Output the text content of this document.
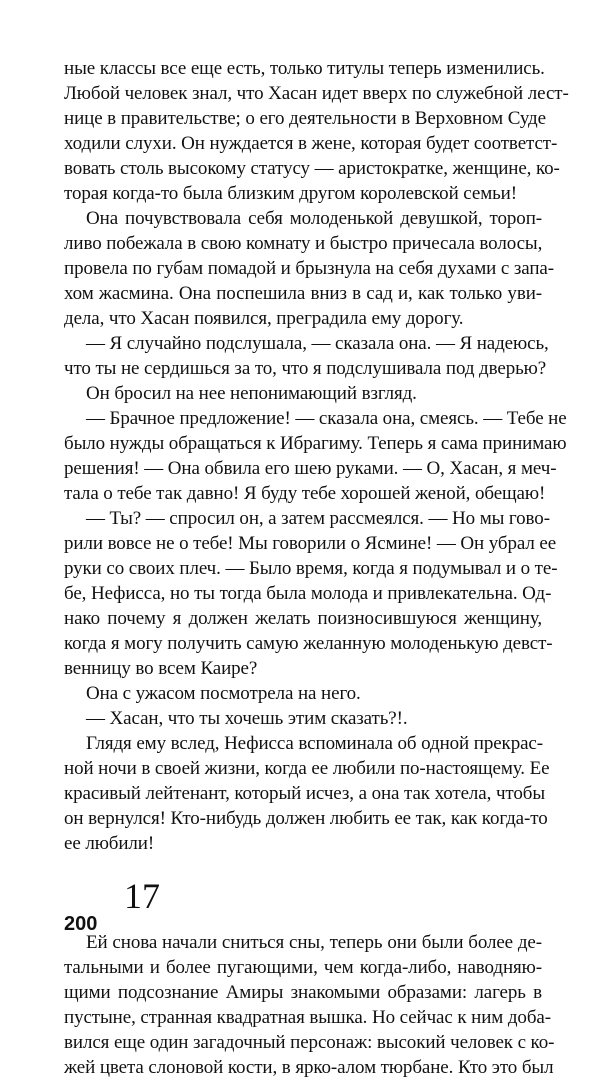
ные классы все еще есть, только титулы теперь изменились.
Любой человек знал, что Хасан идет вверх по служебной лест-
нице в правительстве; о его деятельности в Верховном Суде
ходили слухи. Он нуждается в жене, которая будет соответст-
вовать столь высокому статусу — аристократке, женщине, ко-
торая когда-то была близким другом королевской семьи!
Она почувствовала себя молоденькой девушкой, тороп-
ливо побежала в свою комнату и быстро причесала волосы,
провела по губам помадой и брызнула на себя духами с запа-
хом жасмина. Она поспешила вниз в сад и, как только уви-
дела, что Хасан появился, преградила ему дорогу.
— Я случайно подслушала, — сказала она. — Я надеюсь,
что ты не сердишься за то, что я подслушивала под дверью?
Он бросил на нее непонимающий взгляд.
— Брачное предложение! — сказала она, смеясь. — Тебе не
было нужды обращаться к Ибрагиму. Теперь я сама принимаю
решения! — Она обвила его шею руками. — О, Хасан, я меч-
тала о тебе так давно! Я буду тебе хорошей женой, обещаю!
— Ты? — спросил он, а затем рассмеялся. — Но мы гово-
рили вовсе не о тебе! Мы говорили о Ясмине! — Он убрал ее
руки со своих плеч. — Было время, когда я подумывал и о те-
бе, Нефисса, но ты тогда была молода и привлекательна. Од-
нако почему я должен желать поизносившуюся женщину,
когда я могу получить самую желанную молоденькую девст-
венницу во всем Каире?
Она с ужасом посмотрела на него.
— Хасан, что ты хочешь этим сказать?!.
Глядя ему вслед, Нефисса вспоминала об одной прекрас-
ной ночи в своей жизни, когда ее любили по-настоящему. Ее
красивый лейтенант, который исчез, а она так хотела, чтобы
он вернулся! Кто-нибудь должен любить ее так, как когда-то
ее любили!
17
Ей снова начали сниться сны, теперь они были более де-
тальными и более пугающими, чем когда-либо, наводняю-
щими подсознание Амиры знакомыми образами: лагерь в
пустыне, странная квадратная вышка. Но сейчас к ним доба-
вился еще один загадочный персонаж: высокий человек с ко-
жей цвета слоновой кости, в ярко-алом тюрбане. Кто это был
200
